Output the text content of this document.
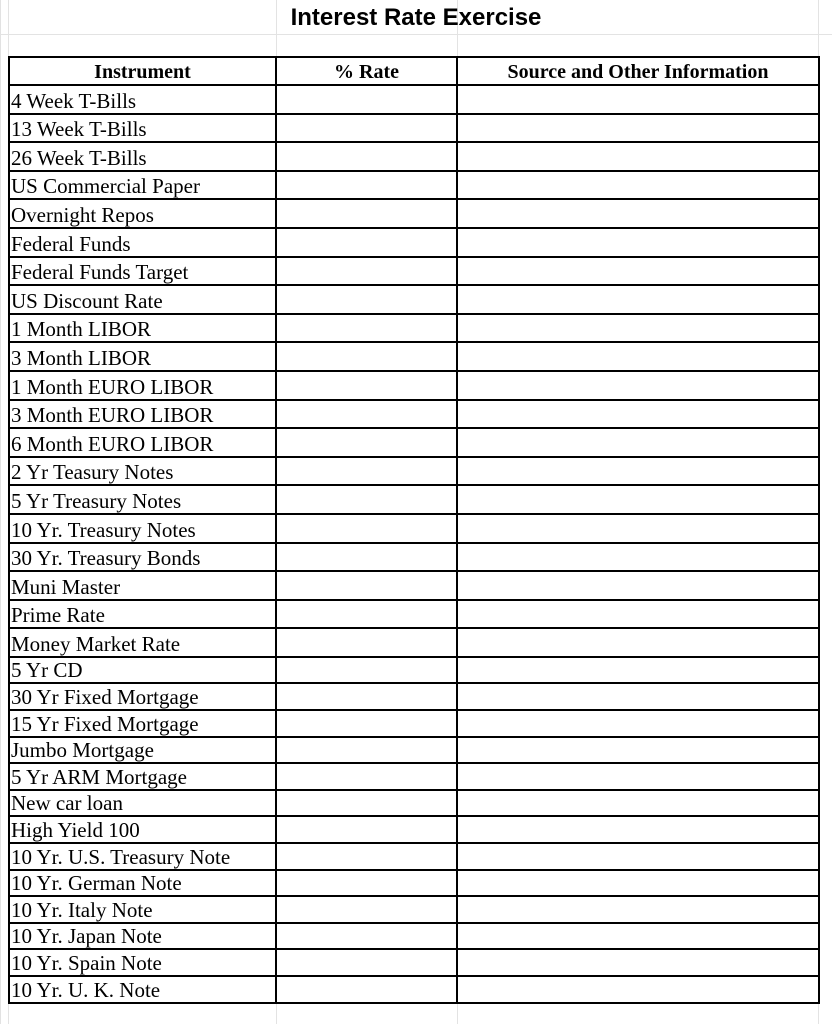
Interest Rate Exercise
Instrument	% Rate	Source and Other Information
4 Week T-Bills		
13 Week T-Bills		
26 Week T-Bills		
US Commercial Paper		
Overnight Repos		
Federal Funds		
Federal Funds Target		
US Discount Rate		
1 Month LIBOR		
3 Month LIBOR		
1 Month EURO LIBOR		
3 Month EURO LIBOR		
6 Month EURO LIBOR		
2 Yr Teasury Notes		
5 Yr Treasury Notes		
10 Yr. Treasury Notes		
30 Yr. Treasury Bonds		
Muni Master		
Prime Rate		
Money Market Rate		
5 Yr CD		
30 Yr Fixed Mortgage		
15 Yr Fixed Mortgage		
Jumbo Mortgage		
5 Yr ARM Mortgage		
New car loan		
High Yield 100		
10 Yr. U.S. Treasury Note		
10 Yr. German Note		
10 Yr. Italy Note		
10 Yr. Japan Note		
10 Yr. Spain Note		
10 Yr. U. K. Note		
